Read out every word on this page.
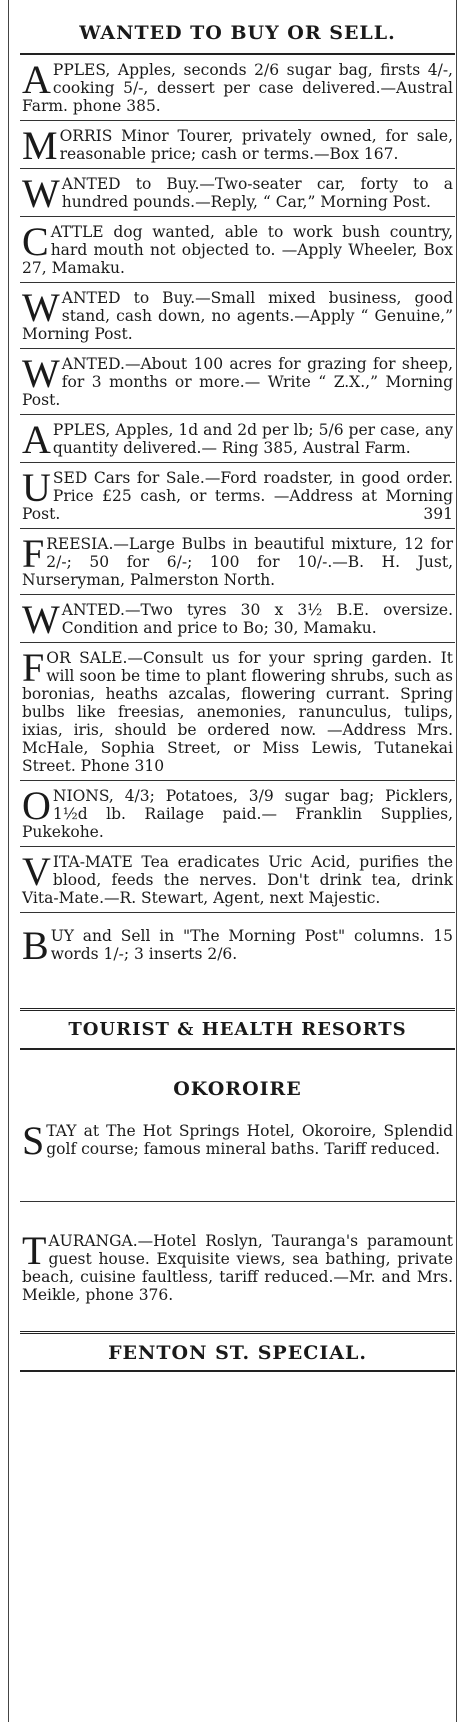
WANTED TO BUY OR SELL.
APPLES, Apples, seconds 2/6 sugar bag, firsts 4/-, cooking 5/-, dessert per case delivered.—Austral Farm. phone 385.
MORRIS Minor Tourer, privately owned, for sale, reasonable price; cash or terms.—Box 167.
WANTED to Buy.—Two-seater car, forty to a hundred pounds.—Reply, “ Car,” Morning Post.
CATTLE dog wanted, able to work bush country, hard mouth not objected to. —Apply Wheeler, Box 27, Mamaku.
WANTED to Buy.—Small mixed business, good stand, cash down, no agents.—Apply “ Genuine,” Morning Post.
WANTED.—About 100 acres for grazing for sheep, for 3 months or more.— Write “ Z.X.,” Morning Post.
APPLES, Apples, 1d and 2d per lb; 5/6 per case, any quantity delivered.— Ring 385, Austral Farm.
USED Cars for Sale.—Ford roadster, in good order. Price £25 cash, or terms. —Address at Morning Post.	391
FREESIA.—Large Bulbs in beautiful mixture, 12 for 2/-; 50 for 6/-; 100 for 10/-.—B. H. Just, Nurseryman, Palmerston North.
WANTED.—Two tyres 30 x 3½ B.E. oversize. Condition and price to Bo; 30, Mamaku.
FOR SALE.—Consult us for your spring garden. It will soon be time to plant flowering shrubs, such as boronias, heaths azcalas, flowering currant. Spring bulbs like freesias, anemonies, ranunculus, tulips, ixias, iris, should be ordered now. —Address Mrs. McHale, Sophia Street, or Miss Lewis, Tutanekai Street. Phone 310
ONIONS, 4/3; Potatoes, 3/9 sugar bag; Picklers, 1½d lb. Railage paid.— Franklin Supplies, Pukekohe.
VITA-MATE Tea eradicates Uric Acid, purifies the blood, feeds the nerves. Don't drink tea, drink Vita-Mate.—R. Stewart, Agent, next Majestic.
BUY and Sell in "The Morning Post" columns. 15 words 1/-; 3 inserts 2/6.
TOURIST & HEALTH RESORTS
OKOROIRE
S TAY at The Hot Springs Hotel, Okoroire, Splendid golf course; famous mineral baths. Tariff reduced.
T AURANGA.—Hotel Roslyn, Tauranga's paramount guest house. Exquisite views, sea bathing, private beach, cuisine faultless, tariff reduced.—Mr. and Mrs. Meikle, phone 376.
FENTON ST. SPECIAL.
